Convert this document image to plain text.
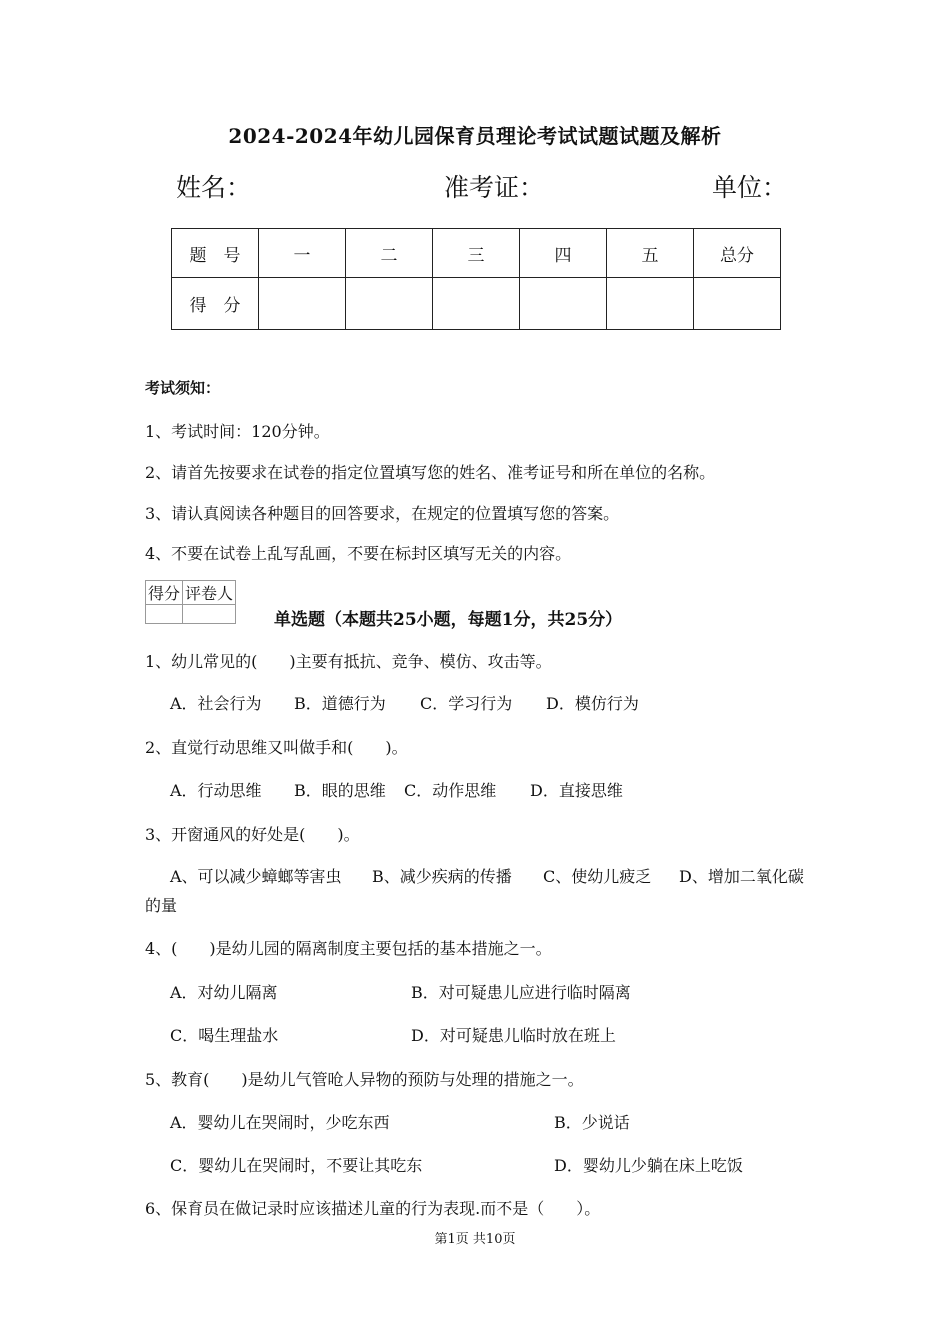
2024-2024年幼儿园保育员理论考试试题试题及解析
姓名：	准考证：	单位：
题　号	一	二	三	四	五	总分
得　分						
考试须知：
1、考试时间：120分钟。
2、请首先按要求在试卷的指定位置填写您的姓名、准考证号和所在单位的名称。
3、请认真阅读各种题目的回答要求，在规定的位置填写您的答案。
4、不要在试卷上乱写乱画，不要在标封区填写无关的内容。
得分	评卷人

单选题（本题共25小题，每题1分，共25分）
1、幼儿常见的(　　)主要有抵抗、竞争、模仿、攻击等。
A．社会行为 B．道德行为 C．学习行为 D．模仿行为
2、直觉行动思维又叫做手和(　　)。
A．行动思维 B．眼的思维 C．动作思维 D．直接思维
3、开窗通风的好处是(　　)。
A、可以减少蟑螂等害虫 B、减少疾病的传播 C、使幼儿疲乏 D、增加二氧化碳
的量
4、(　　)是幼儿园的隔离制度主要包括的基本措施之一。
A．对幼儿隔离	B．对可疑患儿应进行临时隔离
C．喝生理盐水	D．对可疑患儿临时放在班上
5、教育(　　)是幼儿气管呛人异物的预防与处理的措施之一。
A．婴幼儿在哭闹时，少吃东西	B．少说话
C．婴幼儿在哭闹时，不要让其吃东	D．婴幼儿少躺在床上吃饭
6、保育员在做记录时应该描述儿童的行为表现.而不是（　　）。
第1页 共10页
